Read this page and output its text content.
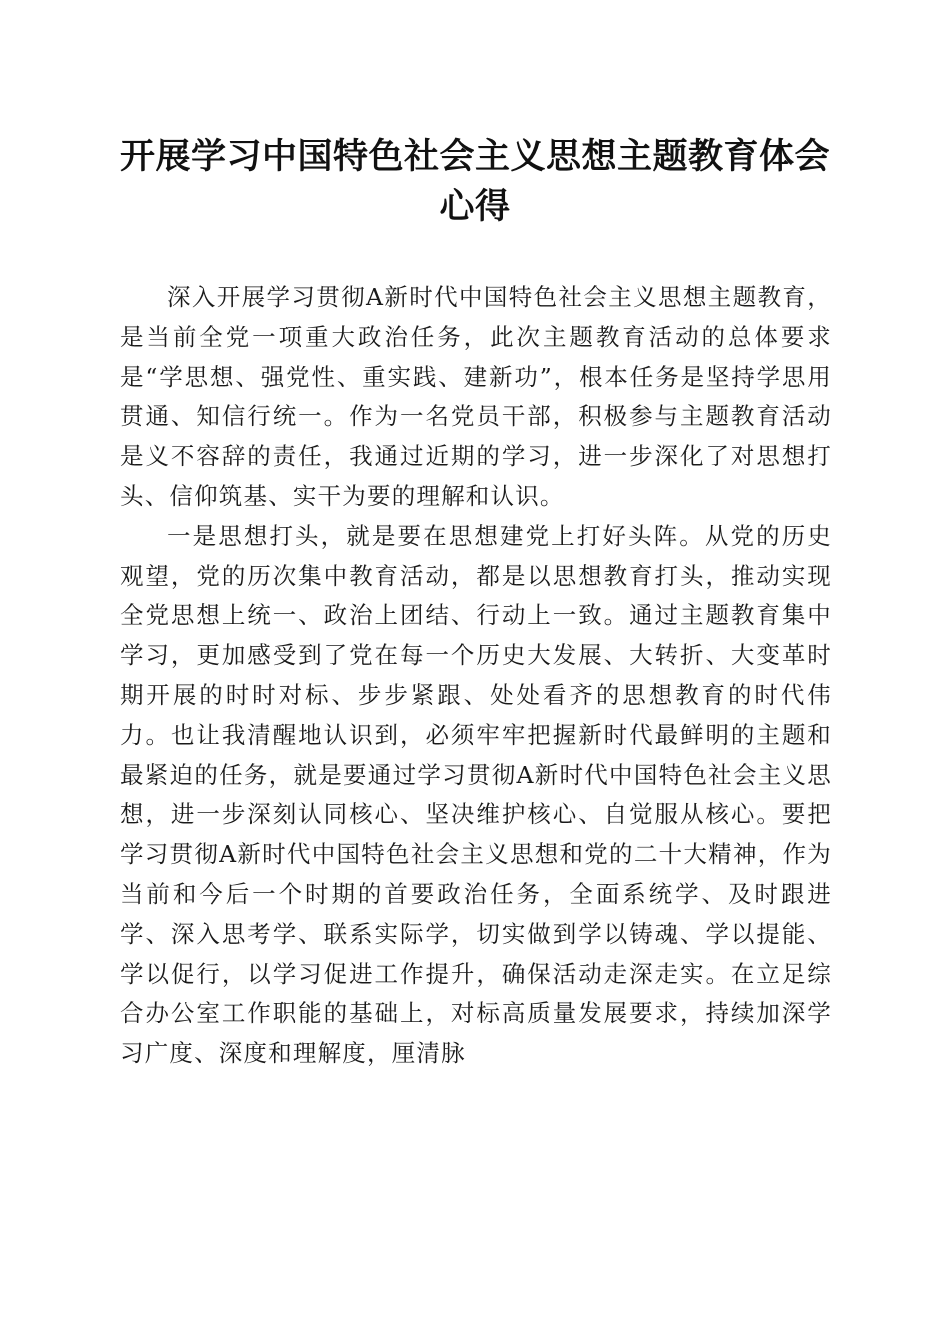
开展学习中国特色社会主义思想主题教育体会心得

深入开展学习贯彻A新时代中国特色社会主义思想主题教育，是当前全党一项重大政治任务，此次主题教育活动的总体要求是“学思想、强党性、重实践、建新功”，根本任务是坚持学思用贯通、知信行统一。作为一名党员干部，积极参与主题教育活动是义不容辞的责任，我通过近期的学习，进一步深化了对思想打头、信仰筑基、实干为要的理解和认识。

一是思想打头，就是要在思想建党上打好头阵。从党的历史观望，党的历次集中教育活动，都是以思想教育打头，推动实现全党思想上统一、政治上团结、行动上一致。通过主题教育集中学习，更加感受到了党在每一个历史大发展、大转折、大变革时期开展的时时对标、步步紧跟、处处看齐的思想教育的时代伟力。也让我清醒地认识到，必须牢牢把握新时代最鲜明的主题和最紧迫的任务，就是要通过学习贯彻A新时代中国特色社会主义思想，进一步深刻认同核心、坚决维护核心、自觉服从核心。要把学习贯彻A新时代中国特色社会主义思想和党的二十大精神，作为当前和今后一个时期的首要政治任务，全面系统学、及时跟进学、深入思考学、联系实际学，切实做到学以铸魂、学以提能、学以促行，以学习促进工作提升，确保活动走深走实。在立足综合办公室工作职能的基础上，对标高质量发展要求，持续加深学习广度、深度和理解度，厘清脉
